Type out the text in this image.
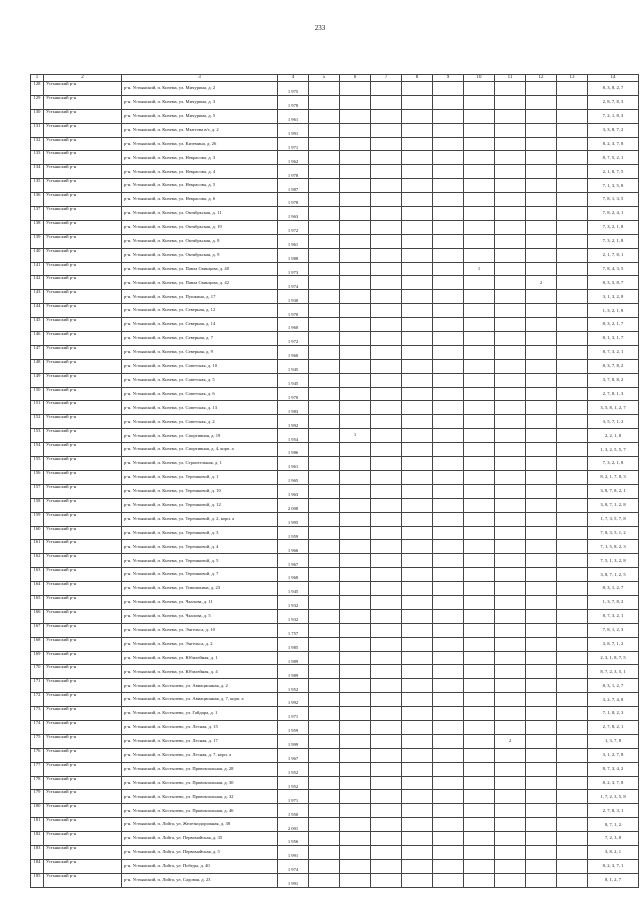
233
1	2	3	4	5	6	7	8	9	10	11	12	13	14
128	Устьянский р-н	р-н. Устьянский, п. Кизема, ул. Мичурина, д. 2	1 975										8, 3, 8, 2, 7
129	Устьянский р-н	р-н. Устьянский, п. Кизема, ул. Мичурина, д. 3	1 978										2, 8, 7, 8, 3
130	Устьянский р-н	р-н. Устьянский, п. Кизема, ул. Мичурина, д. 5	1 961										7, 2, 1, 8, 3
131	Устьянский р-н	р-н. Устьянский, п. Кизема, ул. Мыттова в/з, д. 2	1 991										3, 3, 8, 7, 2
132	Устьянский р-н	р-н. Устьянский, п. Кизема, ул. Киземина, д. 26	1 971										8, 2, 3, 7, 8
133	Устьянский р-н	р-н. Устьянский, п. Кизема, ул. Некрасова, д. 3	1 962										8, 7, 5, 2, 1
134	Устьянский р-н	р-н. Устьянский, п. Кизема, ул. Некрасова, д. 4	1 978										2, 1, 8, 7, 5
135	Устьянский р-н	р-н. Устьянский, п. Кизема, ул. Некрасова, д. 5	1 987										7, 1, 3, 5, 8
136	Устьянский р-н	р-н. Устьянский, п. Кизема, ул. Некрасова, д. 6	1 978										7, 8, 1, 3, 5
137	Устьянский р-н	р-н. Устьянский, п. Кизема, ул. Октябрьская, д. 11	1 963										7, 8, 2, 4, 1
138	Устьянский р-н	р-н. Устьянский, п. Кизема, ул. Октябрьская, д. 19	1 972										7, 3, 2, 1, 8
139	Устьянский р-н	р-н. Устьянский, п. Кизема, ул. Октябрьская, д. 8	1 961										7, 3, 2, 1, 8
140	Устьянский р-н	р-н. Устьянский, п. Кизема, ул. Октябрьская, д. 9	1 988										2, 1, 7, 8, 1
141	Устьянский р-н	р-н. Устьянский, п. Кизема, ул. Павла Свинцова, д. 40	1 973						1				7, 8, 4, 3, 5
142	Устьянский р-н	р-н. Устьянский, п. Кизема, ул. Павла Свинцова, д. 42	1 974								2		8, 3, 5, 8, 7
143	Устьянский р-н	р-н. Устьянский, п. Кизема, ул. Пушкина, д. 17	1 930										3, 1, 3, 2, 8
144	Устьянский р-н	р-н. Устьянский, п. Кизема, ул. Северная, д. 12	1 970										1, 3, 2, 1, 8
145	Устьянский р-н	р-н. Устьянский, п. Кизема, ул. Северная, д. 14	1 960										8, 3, 2, 1, 7
146	Устьянский р-н	р-н. Устьянский, п. Кизема, ул. Северная, д. 7	1 972										8, 1, 3, 1, 7
147	Устьянский р-н	р-н. Устьянский, п. Кизема, ул. Северная, д. 9	1 960										8, 7, 3, 2, 1
148	Устьянский р-н	р-н. Устьянский, п. Кизема, ул. Советская, д. 10	1 945										8, 3, 7, 8, 2
149	Устьянский р-н	р-н. Устьянский, п. Кизема, ул. Советская, д. 5	1 945										3, 7, 8, 8, 2
150	Устьянский р-н	р-н. Устьянский, п. Кизема, ул. Советская, д. 6	1 970										2, 7, 8, 1, 3
151	Устьянский р-н	р-н. Устьянский, п. Кизема, ул. Советская, д. 13	1 983										3, 5, 8, 1, 2, 7
152	Устьянский р-н	р-н. Устьянский, п. Кизема, ул. Советская, д. 2	1 992										3, 5, 7, 1, 2
153	Устьянский р-н	р-н. Устьянский, п. Кизема, ул. Спортивная, д. 19	1 954		1								2, 2, 1, 8
154	Устьянский р-н	р-н. Устьянский, п. Кизема, ул. Спортивная, д. 4, корп. а	1 986										1, 3, 2, 5, 5, 7
155	Устьянский р-н	р-н. Устьянский, п. Кизема, ул. Строительная, д. 1	1 961										7, 3, 2, 1, 8
156	Устьянский р-н	р-н. Устьянский, п. Кизема, ул. Терешковой, д. 1	1 965										8, 2, 1, 7, 8, 3
157	Устьянский р-н	р-н. Устьянский, п. Кизема, ул. Терешковой, д. 10	1 963										3, 8, 7, 8, 2, 1
158	Устьянский р-н	р-н. Устьянский, п. Кизема, ул. Терешковой, д. 12	2 008										3, 8, 7, 1, 2, 8
159	Устьянский р-н	р-н. Устьянский, п. Кизема, ул. Терешковой, д. 2, корп. а	1 995										1, 7, 3, 5, 7, 8
160	Устьянский р-н	р-н. Устьянский, п. Кизема, ул. Терешковой, д. 3	1 959										7, 8, 3, 5, 1, 2
161	Устьянский р-н	р-н. Устьянский, п. Кизема, ул. Терешковой, д. 4	1 966										7, 1, 5, 8, 2, 3
162	Устьянский р-н	р-н. Устьянский, п. Кизема, ул. Терешковой, д. 5	1 967										7, 5, 1, 3, 2, 8
163	Устьянский р-н	р-н. Устьянский, п. Кизема, ул. Терешковой, д. 7	1 968										3, 8, 7, 1, 2, 5
164	Устьянский р-н	р-н. Устьянский, п. Кизема, ул. Тимошкина, д. 23	1 945										8, 3, 1, 2, 7
165	Устьянский р-н	р-н. Устьянский, п. Кизема, ул. Чкалова, д. 11	1 932										1, 3, 7, 8, 2
166	Устьянский р-н	р-н. Устьянский, п. Кизема, ул. Чкалова, д. 5	1 932										8, 7, 3, 2, 1
167	Устьянский р-н	р-н. Устьянский, п. Кизема, ул. Энгельса, д. 10	1 757										7, 8, 1, 2, 3
168	Устьянский р-н	р-н. Устьянский, п. Кизема, ул. Энгельса, д. 2	1 985										3, 8, 7, 1, 2
169	Устьянский р-н	р-н. Устьянский, п. Кизема, ул. Юбилейная, д. 1	1 989										2, 3, 1, 8, 7, 5
170	Устьянский р-н	р-н. Устьянский, п. Кизема, ул. Юбилейная, д. 4	1 989										8, 7, 2, 3, 5, 1
171	Устьянский р-н	р-н. Устьянский, п. Костылево, ул. Авиационная, д. 2	1 952										8, 3, 1, 2, 7
172	Устьянский р-н	р-н. Устьянский, п. Костылево, ул. Авиационная, д. 7, корп. а	1 992										3, 2, 7, 4, 8
173	Устьянский р-н	р-н. Устьянский, п. Костылево, ул. Гайдара, д. 1	1 971										7, 1, 8, 2, 3
174	Устьянский р-н	р-н. Устьянский, п. Костылево, ул. Лесная, д. 15	1 959										2, 7, 8, 2, 1
175	Устьянский р-н	р-н. Устьянский, п. Костылево, ул. Лесная, д. 17	1 999							2			1, 3, 7, 8
176	Устьянский р-н	р-н. Устьянский, п. Костылево, ул. Лесная, д. 7, корп. а	1 967										3, 1, 2, 7, 8
177	Устьянский р-н	р-н. Устьянский, п. Костылево, ул. Привокзальная, д. 28	1 952										8, 7, 3, 4, 2
178	Устьянский р-н	р-н. Устьянский, п. Костылево, ул. Привокзальная, д. 30	1 952										8, 2, 3, 7, 8
179	Устьянский р-н	р-н. Устьянский, п. Костылево, ул. Привокзальная, д. 32	1 971										1, 7, 2, 3, 5, 8
180	Устьянский р-н	р-н. Устьянский, п. Костылево, ул. Привокзальная, д. 46	1 950										2, 7, 8, 3, 1
181	Устьянский р-н	р-н. Устьянский, п. Лойга, ул. Железнодорожная, д. 38	2 001										8, 7, 1, 2
182	Устьянский р-н	р-н. Устьянский, п. Лойга, ул. Первомайская, д. 35	1 956										7, 2, 3, 8
183	Устьянский р-н	р-н. Устьянский, п. Лойга, ул. Первомайская, д. 5	1 991										3, 8, 2, 1
184	Устьянский р-н	р-н. Устьянский, п. Лойга, ул. Победы, д. 40	1 974										8, 2, 3, 7, 1
185	Устьянский р-н	р-н. Устьянский, п. Лойга, ул. Садовая, д. 23	1 991										8, 1, 2, 7
